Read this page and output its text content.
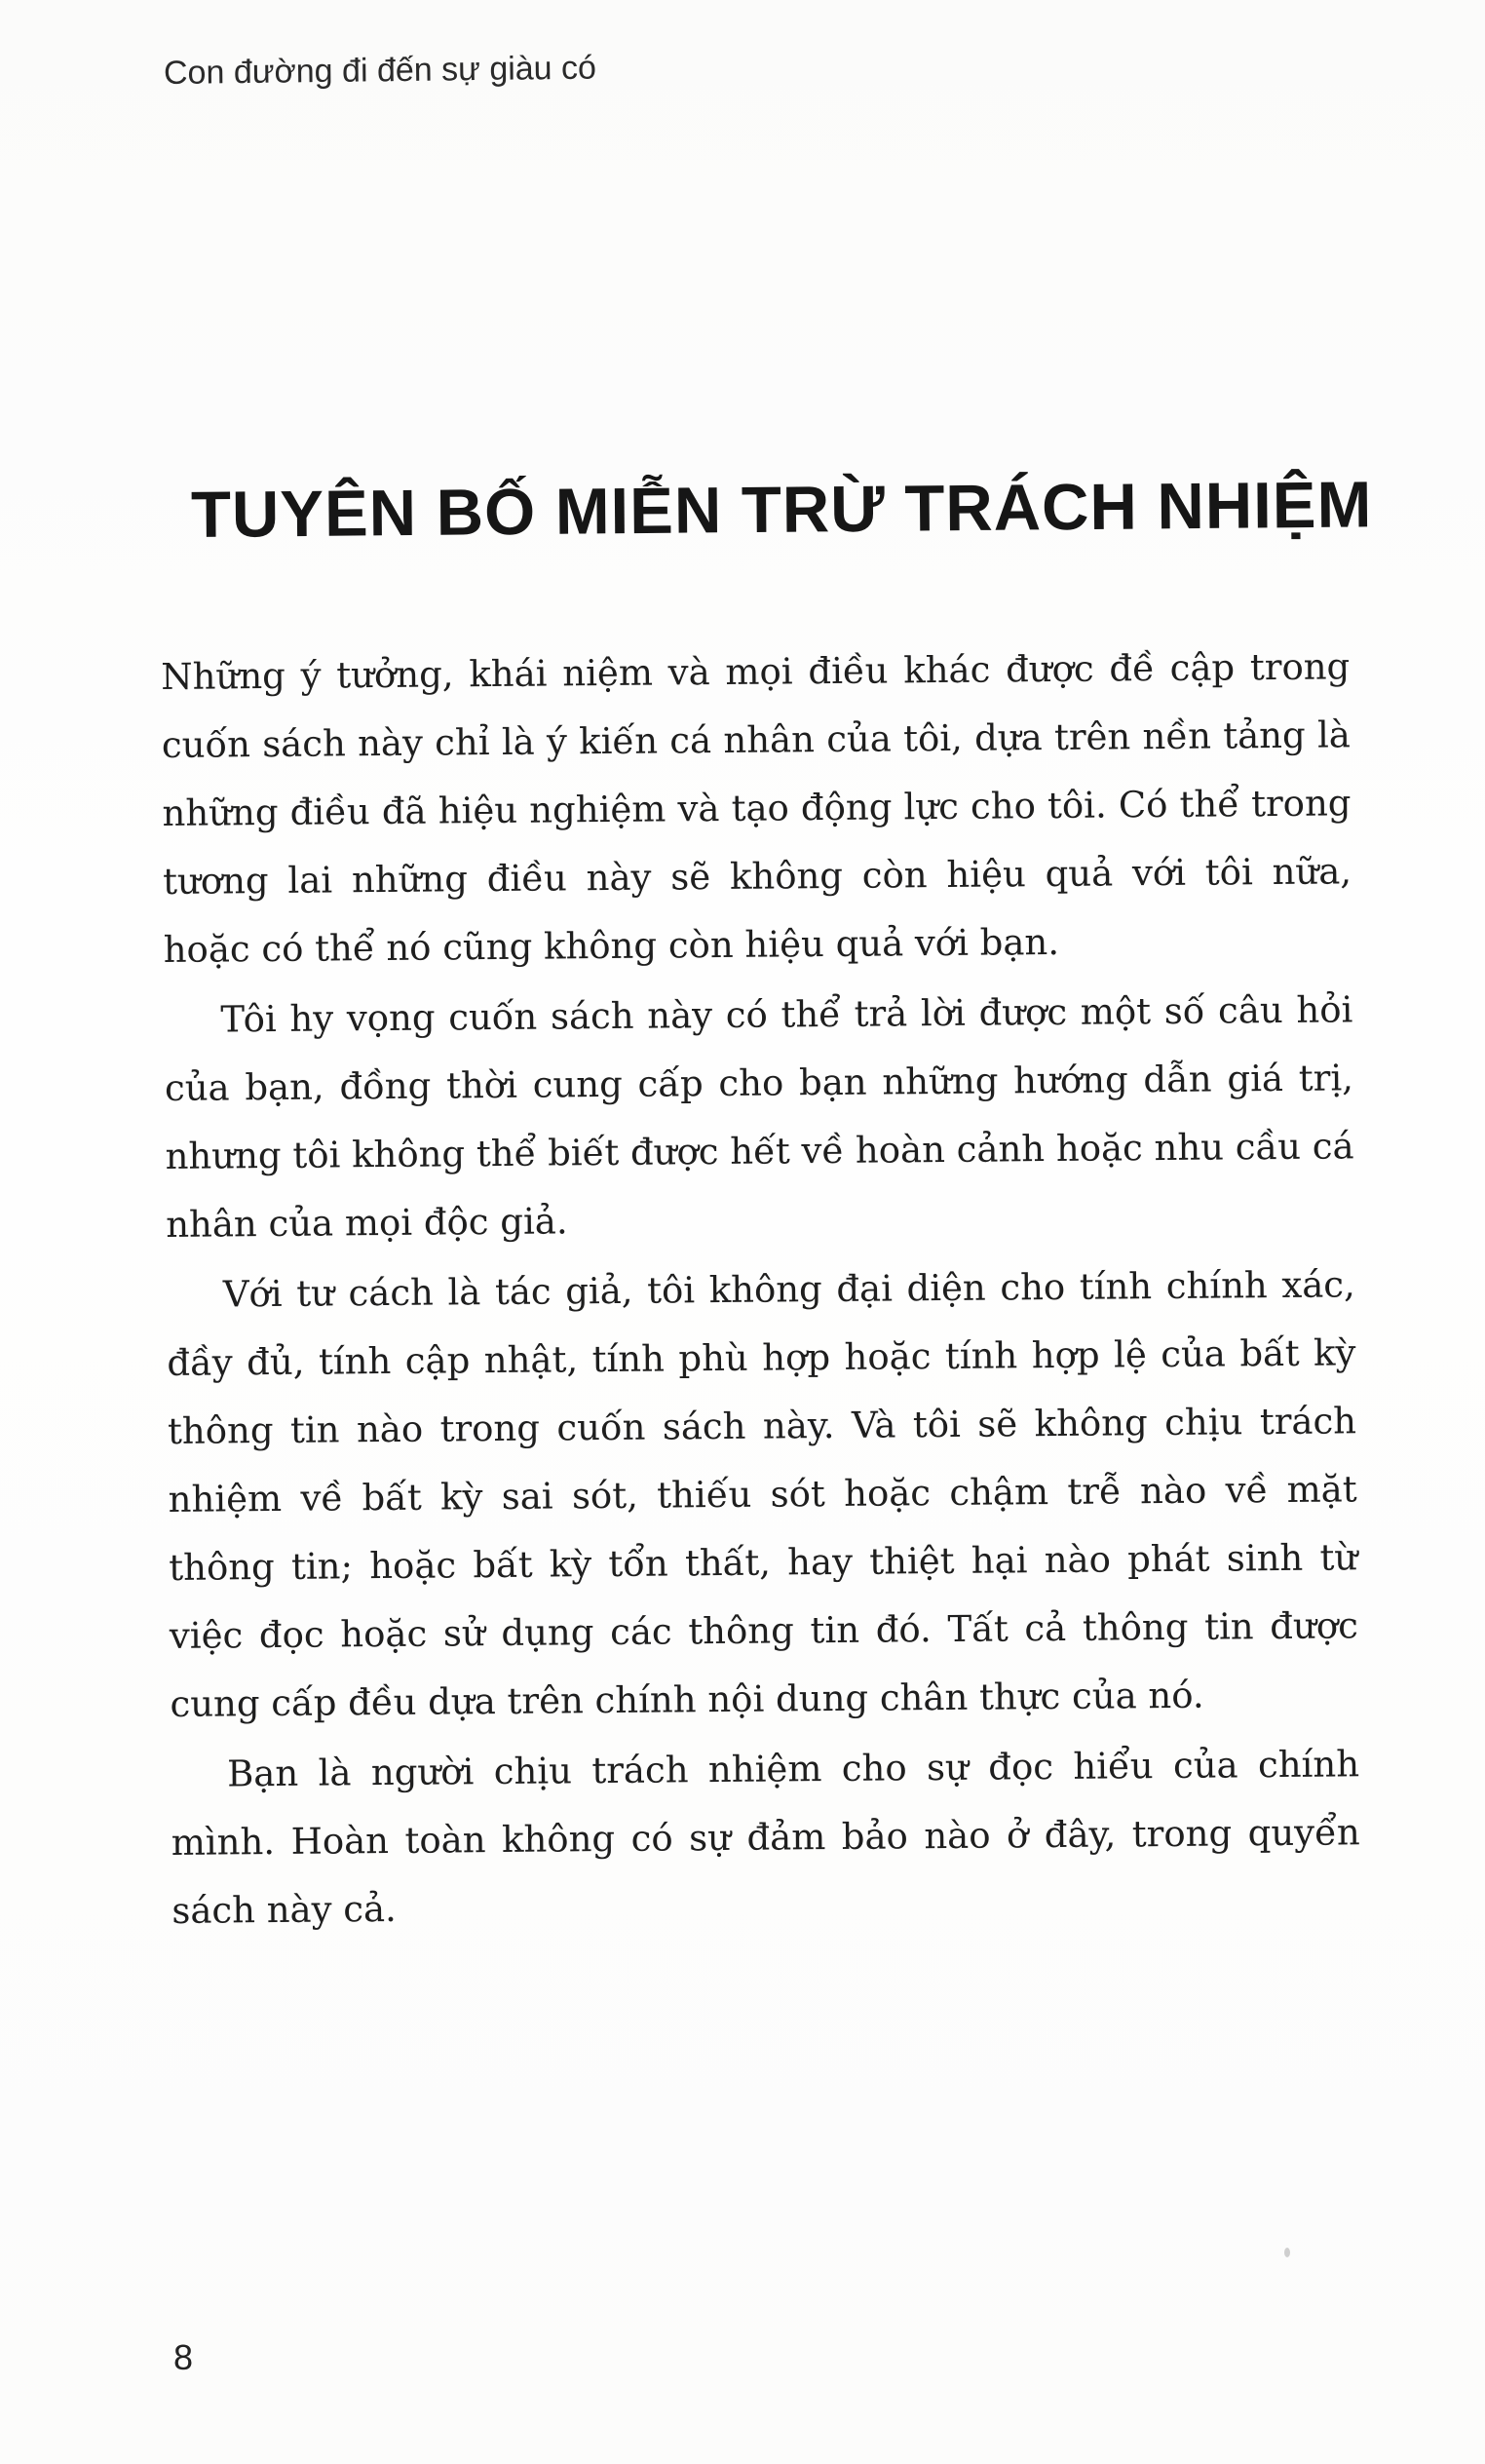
Con đường đi đến sự giàu có
TUYÊN BỐ MIỄN TRỪ TRÁCH NHIỆM

Những ý tưởng, khái niệm và mọi điều khác được đề cập trong cuốn sách này chỉ là ý kiến cá nhân của tôi, dựa trên nền tảng là những điều đã hiệu nghiệm và tạo động lực cho tôi. Có thể trong tương lai những điều này sẽ không còn hiệu quả với tôi nữa, hoặc có thể nó cũng không còn hiệu quả với bạn.

Tôi hy vọng cuốn sách này có thể trả lời được một số câu hỏi của bạn, đồng thời cung cấp cho bạn những hướng dẫn giá trị, nhưng tôi không thể biết được hết về hoàn cảnh hoặc nhu cầu cá nhân của mọi độc giả.

Với tư cách là tác giả, tôi không đại diện cho tính chính xác, đầy đủ, tính cập nhật, tính phù hợp hoặc tính hợp lệ của bất kỳ thông tin nào trong cuốn sách này. Và tôi sẽ không chịu trách nhiệm về bất kỳ sai sót, thiếu sót hoặc chậm trễ nào về mặt thông tin; hoặc bất kỳ tổn thất, hay thiệt hại nào phát sinh từ việc đọc hoặc sử dụng các thông tin đó. Tất cả thông tin được cung cấp đều dựa trên chính nội dung chân thực của nó.

Bạn là người chịu trách nhiệm cho sự đọc hiểu của chính mình. Hoàn toàn không có sự đảm bảo nào ở đây, trong quyển sách này cả.

8
